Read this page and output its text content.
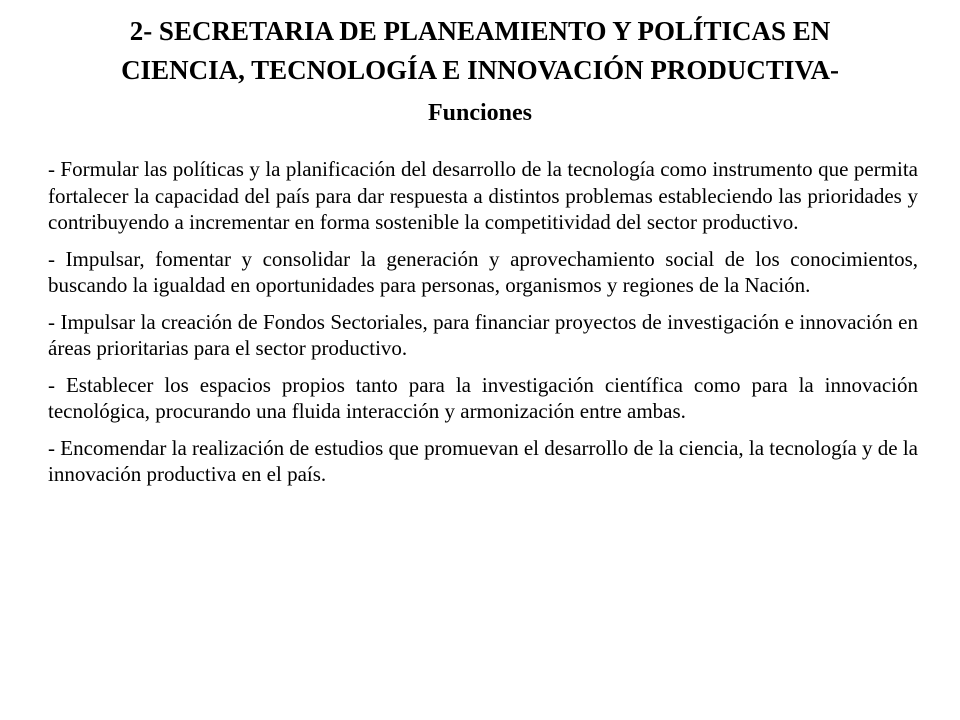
2- SECRETARIA DE PLANEAMIENTO Y POLÍTICAS EN
CIENCIA, TECNOLOGÍA E INNOVACIÓN PRODUCTIVA-
Funciones

- Formular las políticas y la planificación del desarrollo de la tecnología como instrumento que permita fortalecer la capacidad del país para dar respuesta a distintos problemas estableciendo las prioridades y contribuyendo a incrementar en forma sostenible la competitividad del sector productivo.

- Impulsar, fomentar y consolidar la generación y aprovechamiento social de los conocimientos, buscando la igualdad en oportunidades para personas, organismos y regiones de la Nación.

- Impulsar la creación de Fondos Sectoriales, para financiar proyectos de investigación e innovación en áreas prioritarias para el sector productivo.

- Establecer los espacios propios tanto para la investigación científica como para la innovación tecnológica, procurando una fluida interacción y armonización entre ambas.

- Encomendar la realización de estudios que promuevan el desarrollo de la ciencia, la tecnología y de la innovación productiva en el país.
